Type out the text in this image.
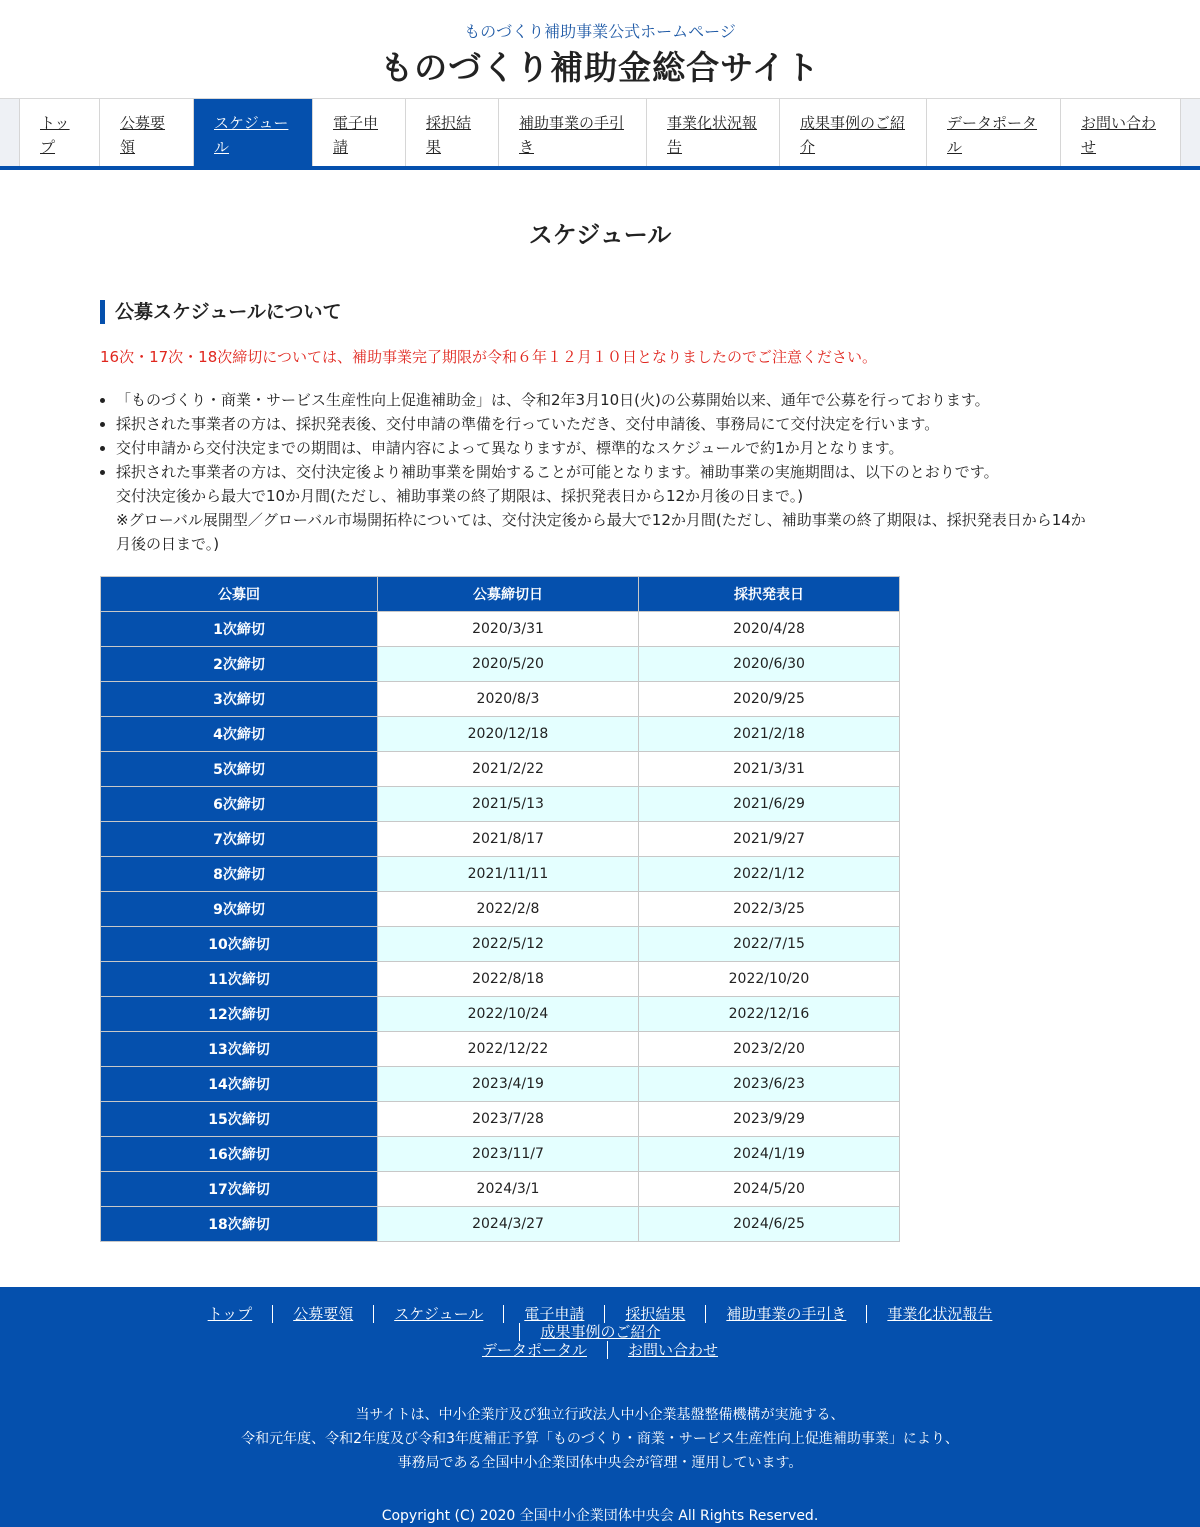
ものづくり補助事業公式ホームページ
ものづくり補助金総合サイト
トッ
プ
公募要
領
スケジュー
ル
電子申
請
採択結
果
補助事業の手引
き
事業化状況報
告
成果事例のご紹
介
データポータ
ル
お問い合わ
せ
スケジュール
公募スケジュールについて

16次・17次・18次締切については、補助事業完了期限が令和６年１２月１０日となりましたのでご注意ください。

• 「ものづくり・商業・サービス生産性向上促進補助金」は、令和2年3月10日(火)の公募開始以来、通年で公募を行っております。
• 採択された事業者の方は、採択発表後、交付申請の準備を行っていただき、交付申請後、事務局にて交付決定を行います。
• 交付申請から交付決定までの期間は、申請内容によって異なりますが、標準的なスケジュールで約1か月となります。
• 採択された事業者の方は、交付決定後より補助事業を開始することが可能となります。補助事業の実施期間は、以下のとおりです。
交付決定後から最大で10か月間(ただし、補助事業の終了期限は、採択発表日から12か月後の日まで。)
※グローバル展開型／グローバル市場開拓枠については、交付決定後から最大で12か月間(ただし、補助事業の終了期限は、採択発表日から14か月後の日まで。)
公募回	公募締切日	採択発表日
1次締切	2020/3/31	2020/4/28
2次締切	2020/5/20	2020/6/30
3次締切	2020/8/3	2020/9/25
4次締切	2020/12/18	2021/2/18
5次締切	2021/2/22	2021/3/31
6次締切	2021/5/13	2021/6/29
7次締切	2021/8/17	2021/9/27
8次締切	2021/11/11	2022/1/12
9次締切	2022/2/8	2022/3/25
10次締切	2022/5/12	2022/7/15
11次締切	2022/8/18	2022/10/20
12次締切	2022/10/24	2022/12/16
13次締切	2022/12/22	2023/2/20
14次締切	2023/4/19	2023/6/23
15次締切	2023/7/28	2023/9/29
16次締切	2023/11/7	2024/1/19
17次締切	2024/3/1	2024/5/20
18次締切	2024/3/27	2024/6/25
トップ	公募要領	スケジュール	電子申請	採択結果	補助事業の手引き	事業化状況報告成果事例のご紹介
データポータル	お問い合わせ
当サイトは、中小企業庁及び独立行政法人中小企業基盤整備機構が実施する、
令和元年度、令和2年度及び令和3年度補正予算「ものづくり・商業・サービス生産性向上促進補助事業」により、
事務局である全国中小企業団体中央会が管理・運用しています。
Copyright (C) 2020 全国中小企業団体中央会 All Rights Reserved.
